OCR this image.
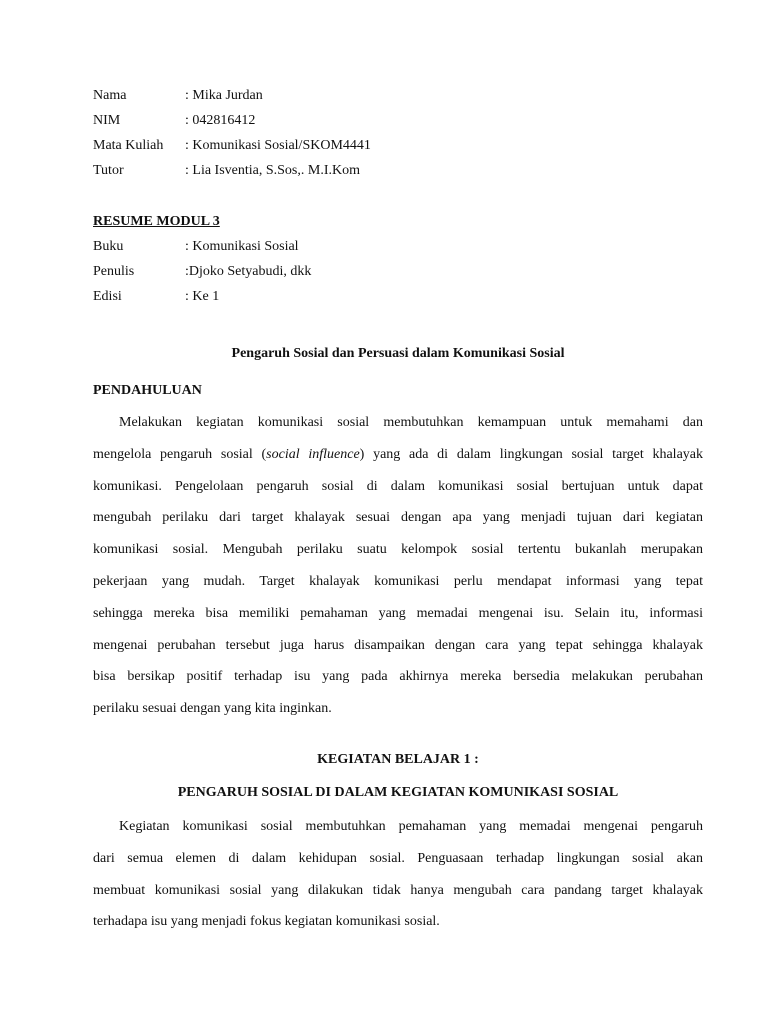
Nama	: Mika Jurdan
NIM	: 042816412
Mata Kuliah : Komunikasi Sosial/SKOM4441
Tutor	: Lia Isventia, S.Sos,. M.I.Kom
RESUME MODUL 3
Buku	: Komunikasi Sosial
Penulis	:Djoko Setyabudi, dkk
Edisi	: Ke 1
Pengaruh Sosial dan Persuasi dalam Komunikasi Sosial
PENDAHULUAN
Melakukan kegiatan komunikasi sosial membutuhkan kemampuan untuk memahami dan
mengelola pengaruh sosial (social influence) yang ada di dalam lingkungan sosial target khalayak
komunikasi. Pengelolaan pengaruh sosial di dalam komunikasi sosial bertujuan untuk dapat
mengubah perilaku dari target khalayak sesuai dengan apa yang menjadi tujuan dari kegiatan
komunikasi sosial. Mengubah perilaku suatu kelompok sosial tertentu bukanlah merupakan
pekerjaan yang mudah. Target khalayak komunikasi perlu mendapat informasi yang tepat
sehingga mereka bisa memiliki pemahaman yang memadai mengenai isu. Selain itu, informasi
mengenai perubahan tersebut juga harus disampaikan dengan cara yang tepat sehingga khalayak
bisa bersikap positif terhadap isu yang pada akhirnya mereka bersedia melakukan perubahan
perilaku sesuai dengan yang kita inginkan.
KEGIATAN BELAJAR 1 :
PENGARUH SOSIAL DI DALAM KEGIATAN KOMUNIKASI SOSIAL
Kegiatan komunikasi sosial membutuhkan pemahaman yang memadai mengenai pengaruh
dari semua elemen di dalam kehidupan sosial. Penguasaan terhadap lingkungan sosial akan
membuat komunikasi sosial yang dilakukan tidak hanya mengubah cara pandang target khalayak
terhadapa isu yang menjadi fokus kegiatan komunikasi sosial.
